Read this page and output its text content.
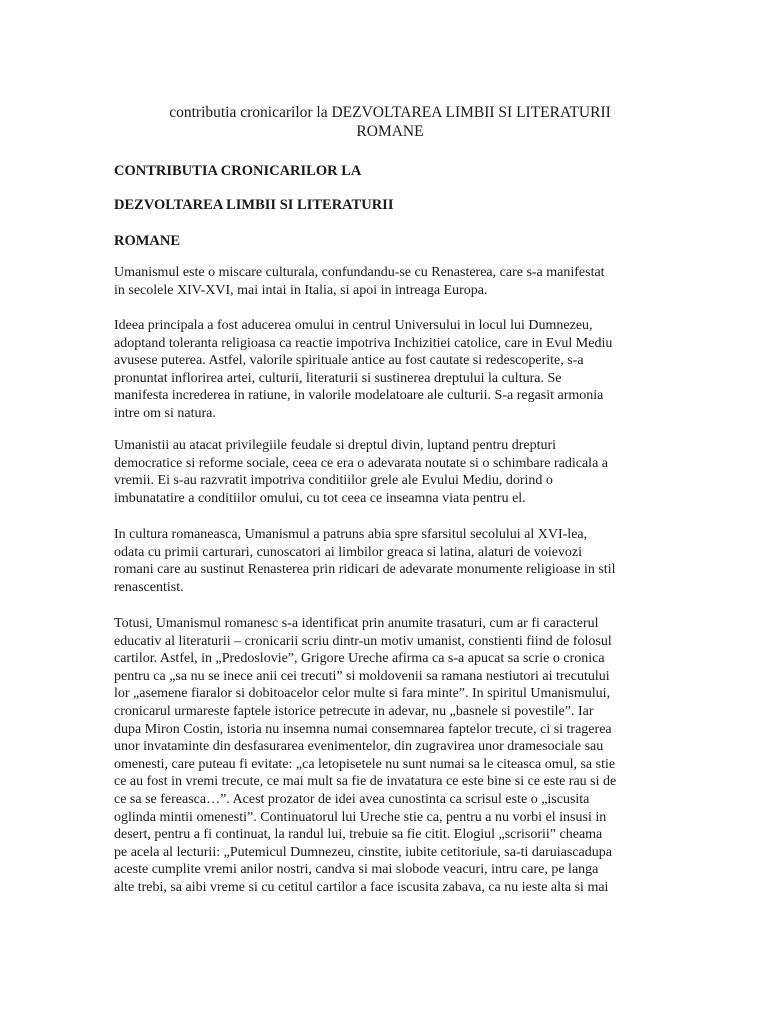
contributia cronicarilor la DEZVOLTAREA LIMBII SI LITERATURII
ROMANE
CONTRIBUTIA CRONICARILOR LA
DEZVOLTAREA LIMBII SI LITERATURII
ROMANE
Umanismul este o miscare culturala, confundandu-se cu Renasterea, care s-a manifestat
in secolele XIV-XVI, mai intai in Italia, si apoi in intreaga Europa.
Ideea principala a fost aducerea omului in centrul Universului in locul lui Dumnezeu,
adoptand toleranta religioasa ca reactie impotriva Inchizitiei catolice, care in Evul Mediu
avusese puterea. Astfel, valorile spirituale antice au fost cautate si redescoperite, s-a
pronuntat inflorirea artei, culturii, literaturii si sustinerea dreptului la cultura. Se
manifesta increderea in ratiune, in valorile modelatoare ale culturii. S-a regasit armonia
intre om si natura.
Umanistii au atacat privilegiile feudale si dreptul divin, luptand pentru drepturi
democratice si reforme sociale, ceea ce era o adevarata noutate si o schimbare radicala a
vremii. Ei s-au razvratit impotriva conditiilor grele ale Evului Mediu, dorind o
imbunatatire a conditiilor omului, cu tot ceea ce inseamna viata pentru el.
In cultura romaneasca, Umanismul a patruns abia spre sfarsitul secolului al XVI-lea,
odata cu primii carturari, cunoscatori ai limbilor greaca si latina, alaturi de voievozi
romani care au sustinut Renasterea prin ridicari de adevarate monumente religioase in stil
renascentist.
Totusi, Umanismul romanesc s-a identificat prin anumite trasaturi, cum ar fi caracterul
educativ al literaturii – cronicarii scriu dintr-un motiv umanist, constienti fiind de folosul
cartilor. Astfel, in „Predoslovie”, Grigore Ureche afirma ca s-a apucat sa scrie o cronica
pentru ca „sa nu se inece anii cei trecuti” si moldovenii sa ramana nestiutori ai trecutului
lor „asemene fiaralor si dobitoacelor celor multe si fara minte”. In spiritul Umanismului,
cronicarul urmareste faptele istorice petrecute in adevar, nu „basnele si povestile”. Iar
dupa Miron Costin, istoria nu insemna numai consemnarea faptelor trecute, ci si tragerea
unor invataminte din desfasurarea evenimentelor, din zugravirea unor dramesociale sau
omenesti, care puteau fi evitate: „ca letopisetele nu sunt numai sa le citeasca omul, sa stie
ce au fost in vremi trecute, ce mai mult sa fie de invatatura ce este bine si ce este rau si de
ce sa se fereasca…”. Acest prozator de idei avea cunostinta ca scrisul este o „iscusita
oglinda mintii omenesti”. Continuatorul lui Ureche stie ca, pentru a nu vorbi el insusi in
desert, pentru a fi continuat, la randul lui, trebuie sa fie citit. Elogiul „scrisorii” cheama
pe acela al lecturii: „Putemicul Dumnezeu, cinstite, iubite cetitoriule, sa-ti daruiascadupa
aceste cumplite vremi anilor nostri, candva si mai slobode veacuri, intru care, pe langa
alte trebi, sa aibi vreme si cu cetitul cartilor a face iscusita zabava, ca nu ieste alta si mai
